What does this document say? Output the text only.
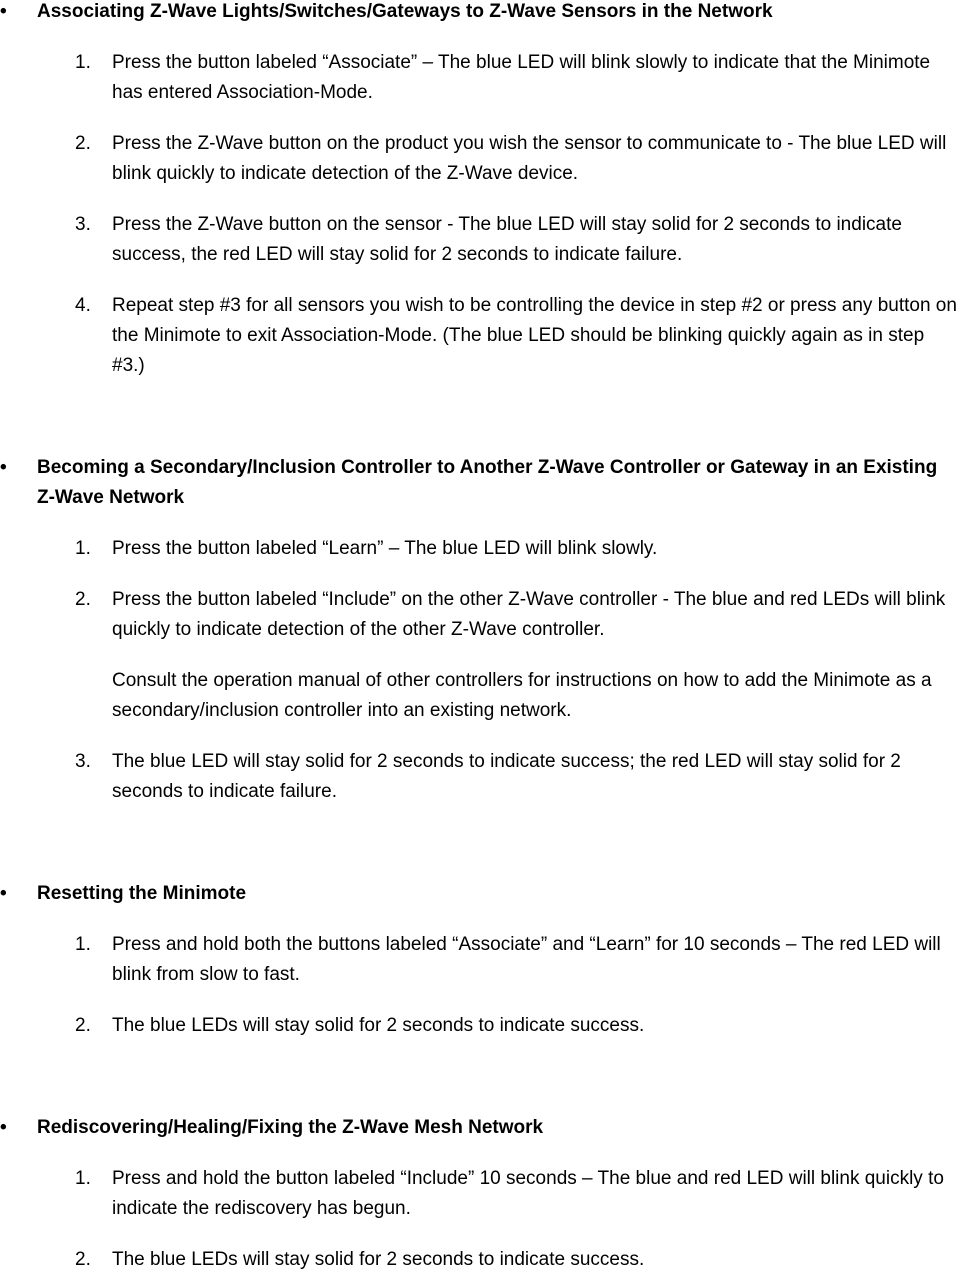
•	Associating Z-Wave Lights/Switches/Gateways to Z-Wave Sensors in the Network
1. Press the button labeled “Associate” – The blue LED will blink slowly to indicate that the Minimote has entered Association-Mode.
2. Press the Z-Wave button on the product you wish the sensor to communicate to - The blue LED will blink quickly to indicate detection of the Z-Wave device.
3. Press the Z-Wave button on the sensor - The blue LED will stay solid for 2 seconds to indicate success, the red LED will stay solid for 2 seconds to indicate failure.
4. Repeat step #3 for all sensors you wish to be controlling the device in step #2 or press any button on the Minimote to exit Association-Mode. (The blue LED should be blinking quickly again as in step #3.)
•	Becoming a Secondary/Inclusion Controller to Another Z-Wave Controller or Gateway in an Existing Z-Wave Network
1. Press the button labeled “Learn” – The blue LED will blink slowly.
2. Press the button labeled “Include” on the other Z-Wave controller - The blue and red LEDs will blink quickly to indicate detection of the other Z-Wave controller.
Consult the operation manual of other controllers for instructions on how to add the Minimote as a secondary/inclusion controller into an existing network.
3. The blue LED will stay solid for 2 seconds to indicate success; the red LED will stay solid for 2 seconds to indicate failure.
•	Resetting the Minimote
1. Press and hold both the buttons labeled “Associate” and “Learn” for 10 seconds – The red LED will blink from slow to fast.
2. The blue LEDs will stay solid for 2 seconds to indicate success.
•	Rediscovering/Healing/Fixing the Z-Wave Mesh Network
1. Press and hold the button labeled “Include” 10 seconds – The blue and red LED will blink quickly to indicate the rediscovery has begun.
2. The blue LEDs will stay solid for 2 seconds to indicate success.
